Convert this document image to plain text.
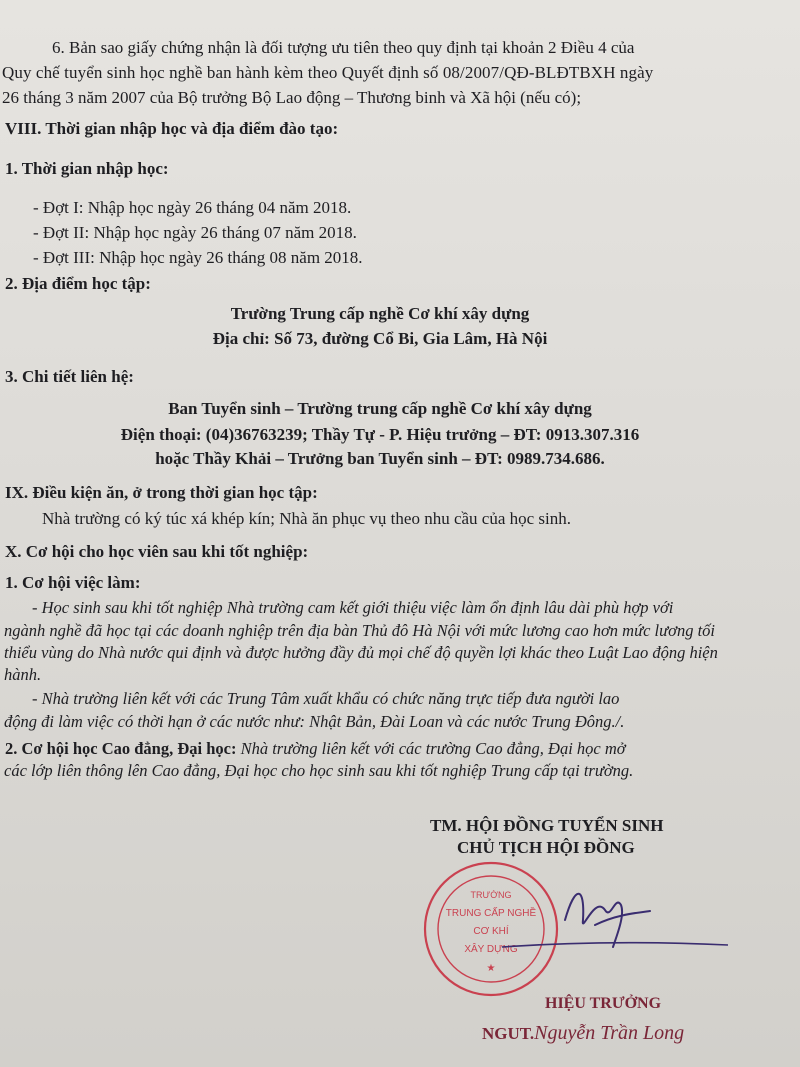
6. Bản sao giấy chứng nhận là đối tượng ưu tiên theo quy định tại khoản 2 Điều 4 của
Quy chế tuyển sinh học nghề ban hành kèm theo Quyết định số 08/2007/QĐ-BLĐTBXH ngày
26 tháng 3 năm 2007 của Bộ trưởng Bộ Lao động – Thương binh và Xã hội (nếu có);
VIII. Thời gian nhập học và địa điểm đào tạo:
1. Thời gian nhập học:
- Đợt I: Nhập học ngày 26 tháng 04 năm 2018.
- Đợt II: Nhập học ngày 26 tháng 07 năm 2018.
- Đợt III: Nhập học ngày 26 tháng 08 năm 2018.
2. Địa điểm học tập:
Trường Trung cấp nghề Cơ khí xây dựng
Địa chỉ: Số 73, đường Cổ Bi, Gia Lâm, Hà Nội
3. Chi tiết liên hệ:
Ban Tuyển sinh – Trường trung cấp nghề Cơ khí xây dựng
Điện thoại: (04)36763239; Thầy Tự - P. Hiệu trưởng – ĐT: 0913.307.316
hoặc Thầy Khải – Trưởng ban Tuyển sinh – ĐT: 0989.734.686.
IX. Điều kiện ăn, ở trong thời gian học tập:
Nhà trường có ký túc xá khép kín; Nhà ăn phục vụ theo nhu cầu của học sinh.
X. Cơ hội cho học viên sau khi tốt nghiệp:
1. Cơ hội việc làm:
- Học sinh sau khi tốt nghiệp Nhà trường cam kết giới thiệu việc làm ổn định lâu dài phù hợp với
ngành nghề đã học tại các doanh nghiệp trên địa bàn Thủ đô Hà Nội với mức lương cao hơn mức lương tối
thiểu vùng do Nhà nước qui định và được hưởng đầy đủ mọi chế độ quyền lợi khác theo Luật Lao động hiện
hành.
- Nhà trường liên kết với các Trung Tâm xuất khẩu có chức năng trực tiếp đưa người lao
động đi làm việc có thời hạn ở các nước như: Nhật Bản, Đài Loan và các nước Trung Đông./.
2. Cơ hội học Cao đẳng, Đại học: Nhà trường liên kết với các trường Cao đẳng, Đại học mở
các lớp liên thông lên Cao đẳng, Đại học cho học sinh sau khi tốt nghiệp Trung cấp tại trường.
TM. HỘI ĐỒNG TUYỂN SINH
CHỦ TỊCH HỘI ĐỒNG
TRƯỜNG
TRUNG CẤP NGHỀ
CƠ KHÍ
XÂY DỰNG
★
HIỆU TRƯỞNG
NGUT.Nguyễn Trần Long
